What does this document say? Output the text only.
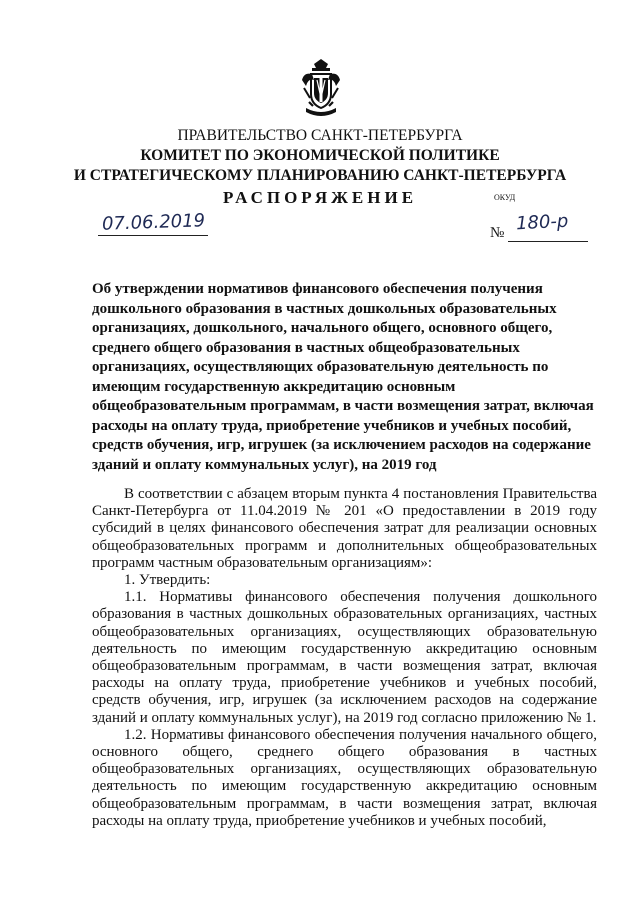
ПРАВИТЕЛЬСТВО САНКТ-ПЕТЕРБУРГА
КОМИТЕТ ПО ЭКОНОМИЧЕСКОЙ ПОЛИТИКЕ
И СТРАТЕГИЧЕСКОМУ ПЛАНИРОВАНИЮ САНКТ-ПЕТЕРБУРГА
РАСПОРЯЖЕНИЕ	ОКУД
07.06.2019	№ 180-р
Об утверждении нормативов финансового обеспечения получения дошкольного образования в частных дошкольных образовательных организациях, дошкольного, начального общего, основного общего, среднего общего образования в частных общеобразовательных организациях, осуществляющих образовательную деятельность по имеющим государственную аккредитацию основным общеобразовательным программам, в части возмещения затрат, включая расходы на оплату труда, приобретение учебников и учебных пособий, средств обучения, игр, игрушек (за исключением расходов на содержание зданий и оплату коммунальных услуг), на 2019 год

В соответствии с абзацем вторым пункта 4 постановления Правительства Санкт-Петербурга от 11.04.2019 № 201 «О предоставлении в 2019 году субсидий в целях финансового обеспечения затрат для реализации основных общеобразовательных программ и дополнительных общеобразовательных программ частным образовательным организациям»:

1. Утвердить:

1.1. Нормативы финансового обеспечения получения дошкольного образования в частных дошкольных образовательных организациях, частных общеобразовательных организациях, осуществляющих образовательную деятельность по имеющим государственную аккредитацию основным общеобразовательным программам, в части возмещения затрат, включая расходы на оплату труда, приобретение учебников и учебных пособий, средств обучения, игр, игрушек (за исключением расходов на содержание зданий и оплату коммунальных услуг), на 2019 год согласно приложению № 1.

1.2. Нормативы финансового обеспечения получения начального общего, основного общего, среднего общего образования в частных общеобразовательных организациях, осуществляющих образовательную деятельность по имеющим государственную аккредитацию основным общеобразовательным программам, в части возмещения затрат, включая расходы на оплату труда, приобретение учебников и учебных пособий,
